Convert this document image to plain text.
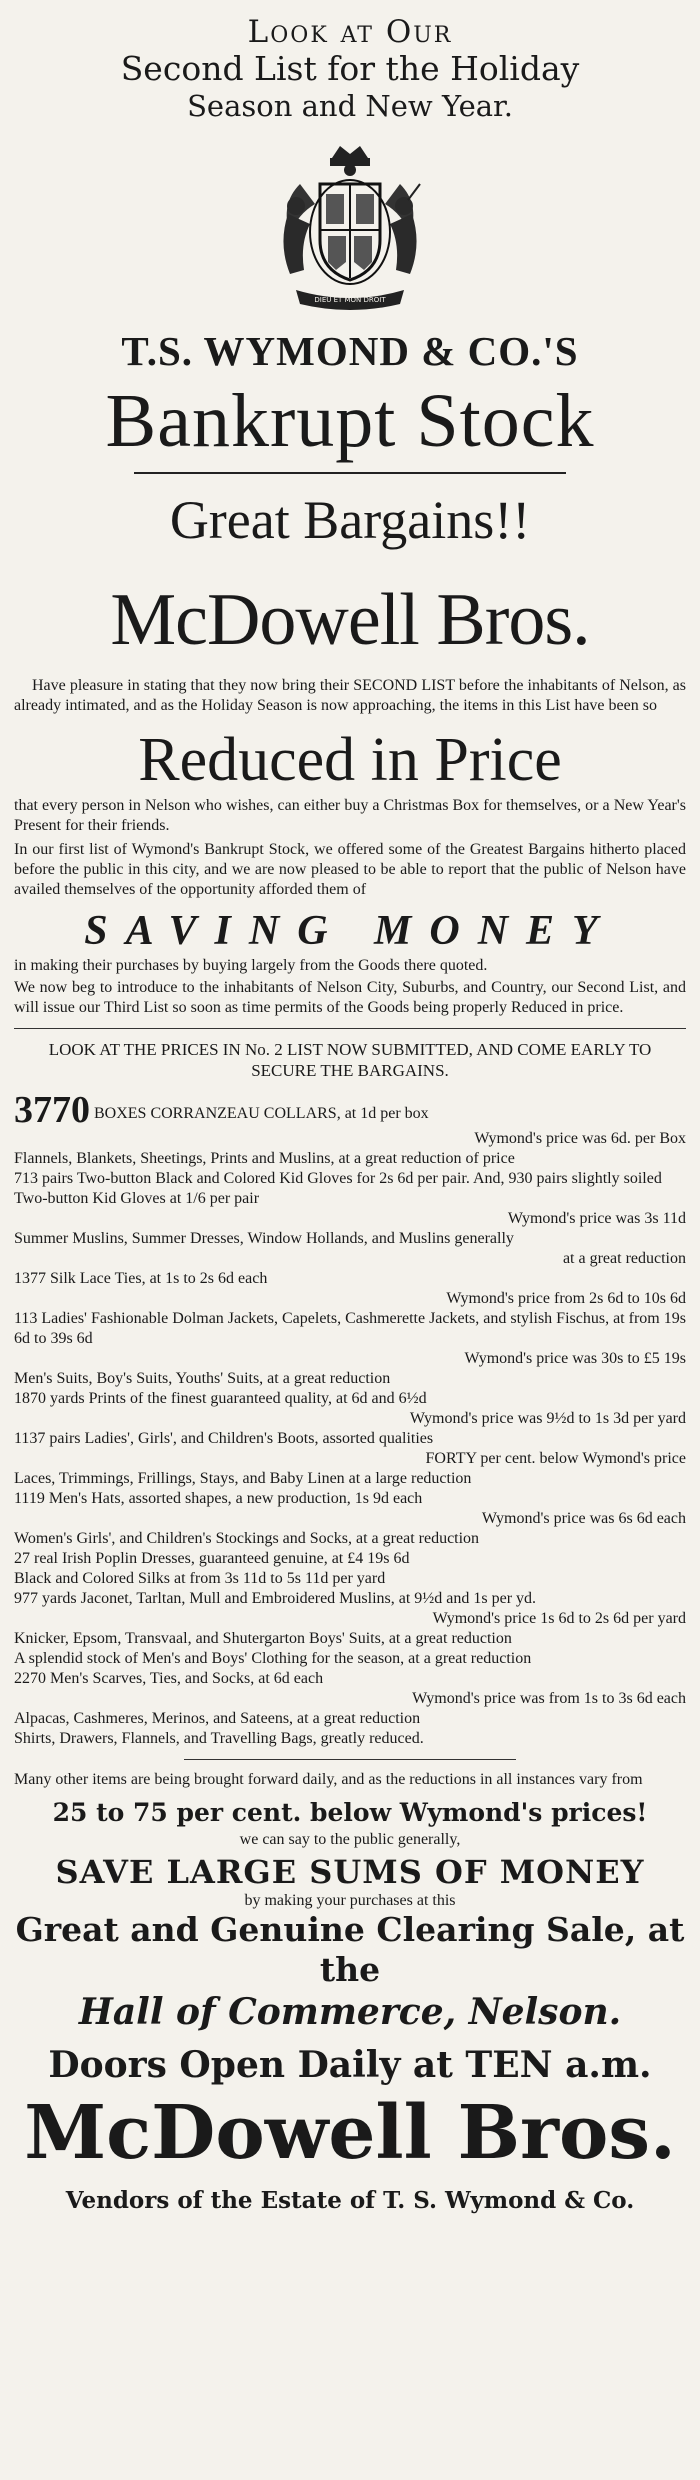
Look at Our
Second List for the Holiday
Season and New Year.
DIEU ET MON DROIT
T.S. WYMOND & CO.'S
Bankrupt Stock
Great Bargains!!
McDowell Bros.
Have pleasure in stating that they now bring their SECOND LIST before the inhabitants of Nelson, as already intimated, and as the Holiday Season is now approaching, the items in this List have been so
Reduced in Price
that every person in Nelson who wishes, can either buy a Christmas Box for themselves, or a New Year's Present for their friends.
In our first list of Wymond's Bankrupt Stock, we offered some of the Greatest Bargains hitherto placed before the public in this city, and we are now pleased to be able to report that the public of Nelson have availed themselves of the opportunity afforded them of
SAVING MONEY
in making their purchases by buying largely from the Goods there quoted.
We now beg to introduce to the inhabitants of Nelson City, Suburbs, and Country, our Second List, and will issue our Third List so soon as time permits of the Goods being properly Reduced in price.
LOOK AT THE PRICES IN No. 2 LIST NOW SUBMITTED, AND COME EARLY TO SECURE THE BARGAINS.
3770 BOXES CORRANZEAU COLLARS, at 1d per box
Wymond's price was 6d. per Box
Flannels, Blankets, Sheetings, Prints and Muslins, at a great reduction of price
713 pairs Two-button Black and Colored Kid Gloves for 2s 6d per pair. And, 930 pairs slightly soiled Two-button Kid Gloves at 1/6 per pair
Wymond's price was 3s 11d
Summer Muslins, Summer Dresses, Window Hollands, and Muslins generally
at a great reduction
1377 Silk Lace Ties, at 1s to 2s 6d each
Wymond's price from 2s 6d to 10s 6d
113 Ladies' Fashionable Dolman Jackets, Capelets, Cashmerette Jackets, and stylish Fischus, at from 19s 6d to 39s 6d
Wymond's price was 30s to £5 19s
Men's Suits, Boy's Suits, Youths' Suits, at a great reduction
1870 yards Prints of the finest guaranteed quality, at 6d and 6½d
Wymond's price was 9½d to 1s 3d per yard
1137 pairs Ladies', Girls', and Children's Boots, assorted qualities
FORTY per cent. below Wymond's price
Laces, Trimmings, Frillings, Stays, and Baby Linen at a large reduction
1119 Men's Hats, assorted shapes, a new production, 1s 9d each
Wymond's price was 6s 6d each
Women's Girls', and Children's Stockings and Socks, at a great reduction
27 real Irish Poplin Dresses, guaranteed genuine, at £4 19s 6d
Black and Colored Silks at from 3s 11d to 5s 11d per yard
977 yards Jaconet, Tarltan, Mull and Embroidered Muslins, at 9½d and 1s per yd.
Wymond's price 1s 6d to 2s 6d per yard
Knicker, Epsom, Transvaal, and Shutergarton Boys' Suits, at a great reduction
A splendid stock of Men's and Boys' Clothing for the season, at a great reduction
2270 Men's Scarves, Ties, and Socks, at 6d each
Wymond's price was from 1s to 3s 6d each
Alpacas, Cashmeres, Merinos, and Sateens, at a great reduction
Shirts, Drawers, Flannels, and Travelling Bags, greatly reduced.
Many other items are being brought forward daily, and as the reductions in all instances vary from
25 to 75 per cent. below Wymond's prices!
we can say to the public generally,
SAVE LARGE SUMS OF MONEY
by making your purchases at this
Great and Genuine Clearing Sale, at the
Hall of Commerce, Nelson.
Doors Open Daily at TEN a.m.
McDowell Bros.
Vendors of the Estate of T. S. Wymond & Co.
